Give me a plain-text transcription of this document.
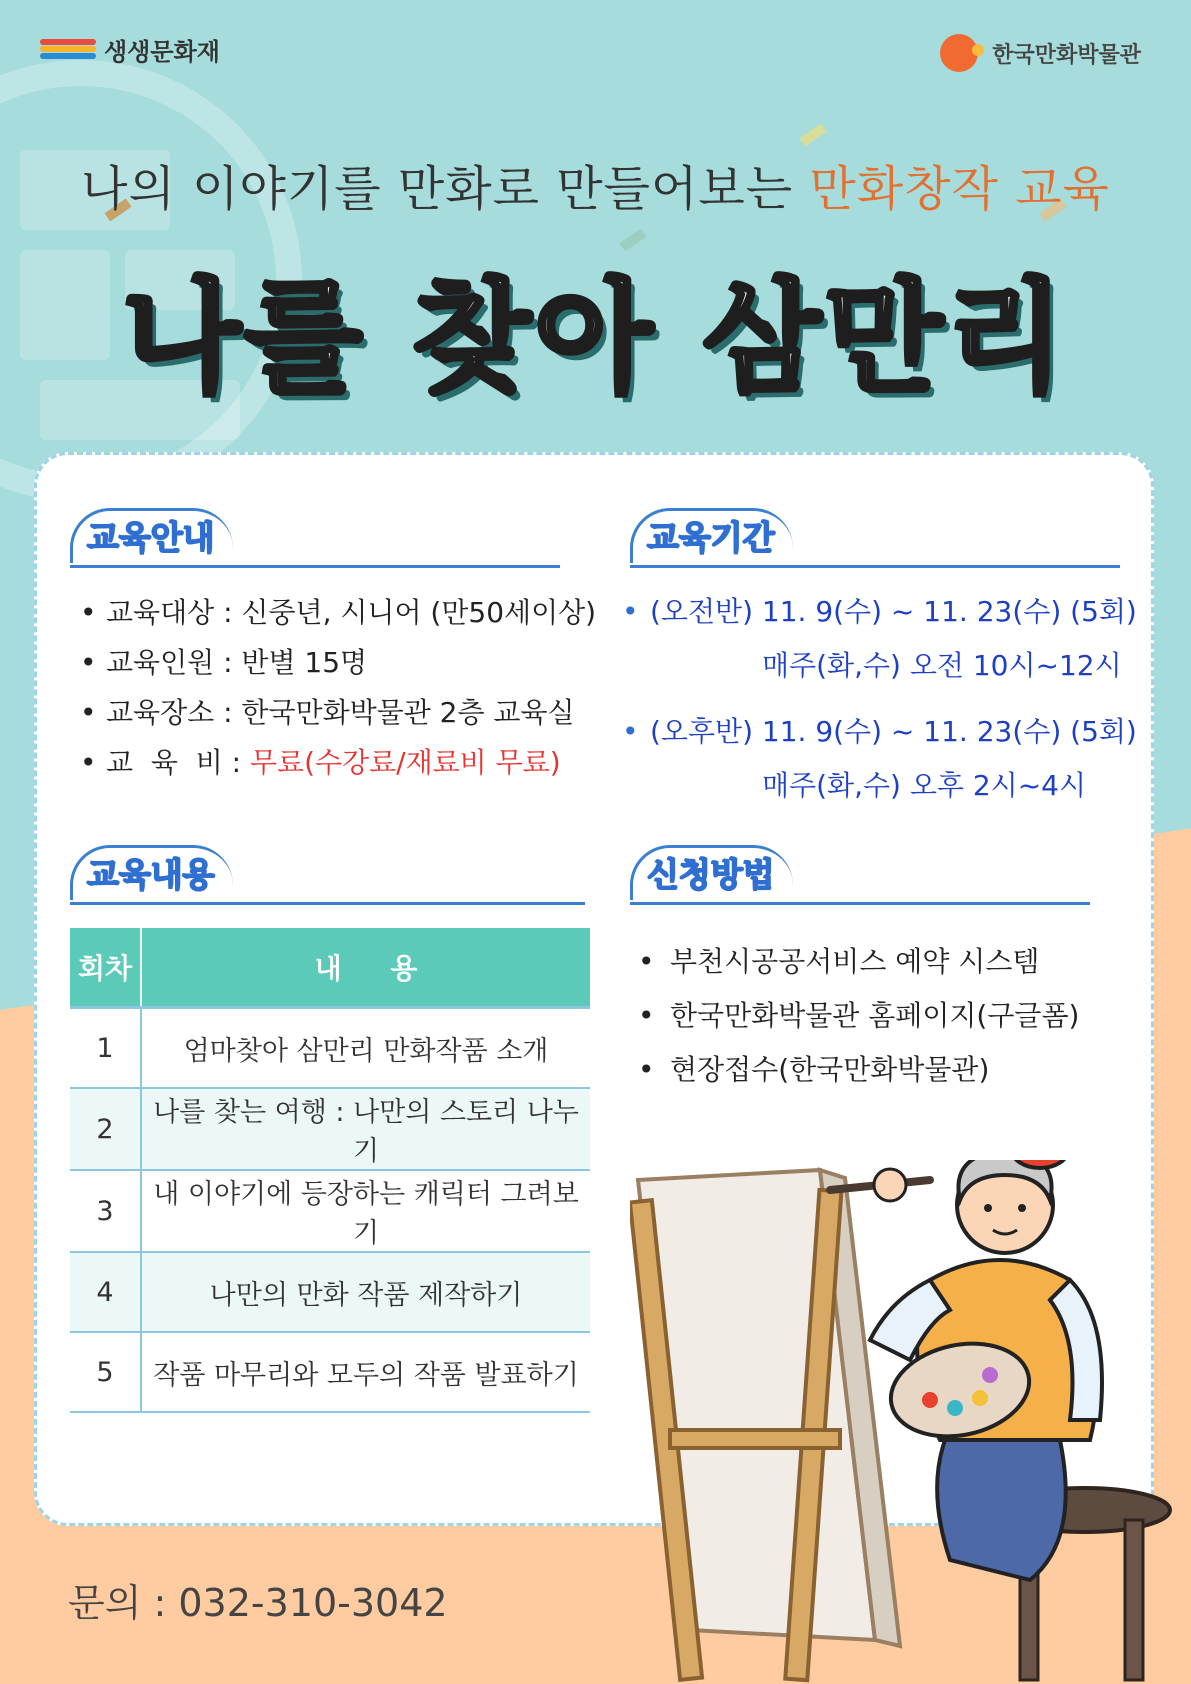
생생문화재	한국만화박물관
나의 이야기를 만화로 만들어보는 만화창작 교육
나를 찾아 삼만리
교육안내
• 교육대상 : 신중년, 시니어 (만50세이상)
• 교육인원 : 반별 15명
• 교육장소 : 한국만화박물관 2층 교육실
• 교  육  비 : 무료(수강료/재료비 무료)
교육기간
• (오전반) 11. 9(수) ~ 11. 23(수) (5회)
매주(화,수) 오전 10시~12시
• (오후반) 11. 9(수) ~ 11. 23(수) (5회)
매주(화,수) 오후 2시~4시
교육내용
회차	내     용
1	엄마찾아 삼만리 만화작품 소개
2	나를 찾는 여행 : 나만의 스토리 나누기
3	내 이야기에 등장하는 캐릭터 그려보기
4	나만의 만화 작품 제작하기
5	작품 마무리와 모두의 작품 발표하기
신청방법
• 부천시공공서비스 예약 시스템
• 한국만화박물관 홈페이지(구글폼)
• 현장접수(한국만화박물관)
문의 : 032-310-3042
